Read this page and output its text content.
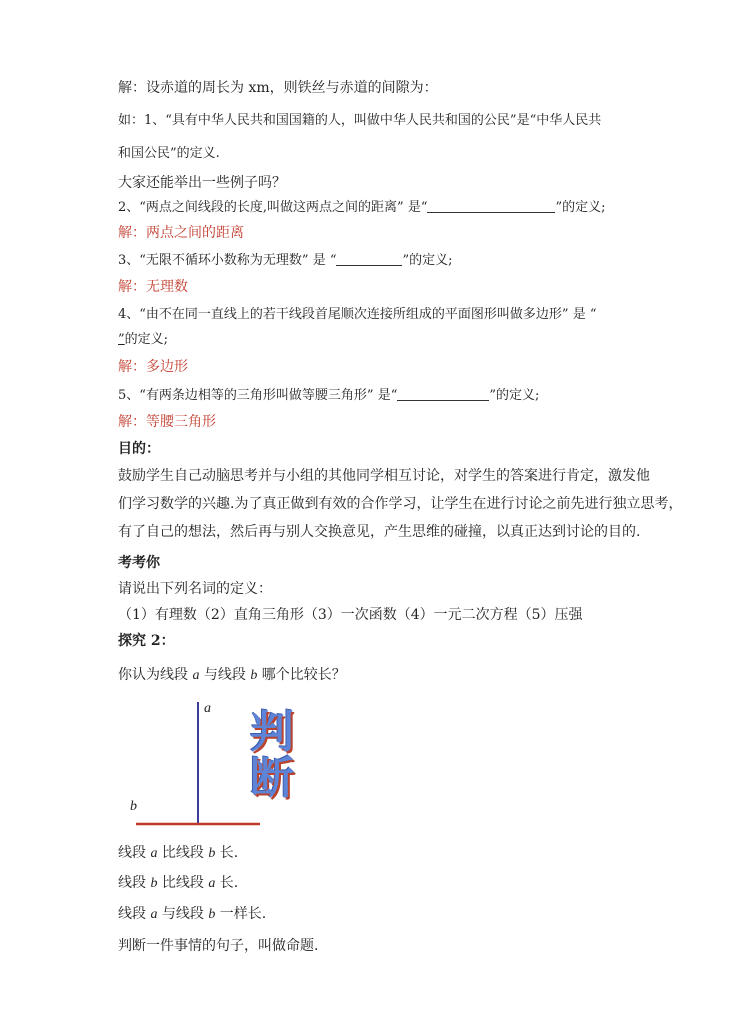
解：设赤道的周长为 xm，则铁丝与赤道的间隙为：
如：1、“具有中华人民共和国国籍的人，叫做中华人民共和国的公民”是“中华人民共
和国公民”的定义.
大家还能举出一些例子吗？
2、“两点之间线段的长度,叫做这两点之间的距离” 是“	”的定义;
解：两点之间的距离
3、“无限不循环小数称为无理数” 是 “	”的定义;
解：无理数
4、“由不在同一直线上的若干线段首尾顺次连接所组成的平面图形叫做多边形” 是 “
”的定义;
解：多边形
5、“有两条边相等的三角形叫做等腰三角形” 是“	”的定义;
解：等腰三角形
目的：
鼓励学生自己动脑思考并与小组的其他同学相互讨论，对学生的答案进行肯定，激发他
们学习数学的兴趣.为了真正做到有效的合作学习，让学生在进行讨论之前先进行独立思考，
有了自己的想法，然后再与别人交换意见，产生思维的碰撞，以真正达到讨论的目的.
考考你
请说出下列名词的定义：
（1）有理数（2）直角三角形（3）一次函数（4）一元二次方程（5）压强
探究 2：
你认为线段 a 与线段 b 哪个比较长？
a
b
判
断
线段 a 比线段 b 长.
线段 b 比线段 a 长.
线段 a 与线段 b 一样长.
判断一件事情的句子，叫做命题.
